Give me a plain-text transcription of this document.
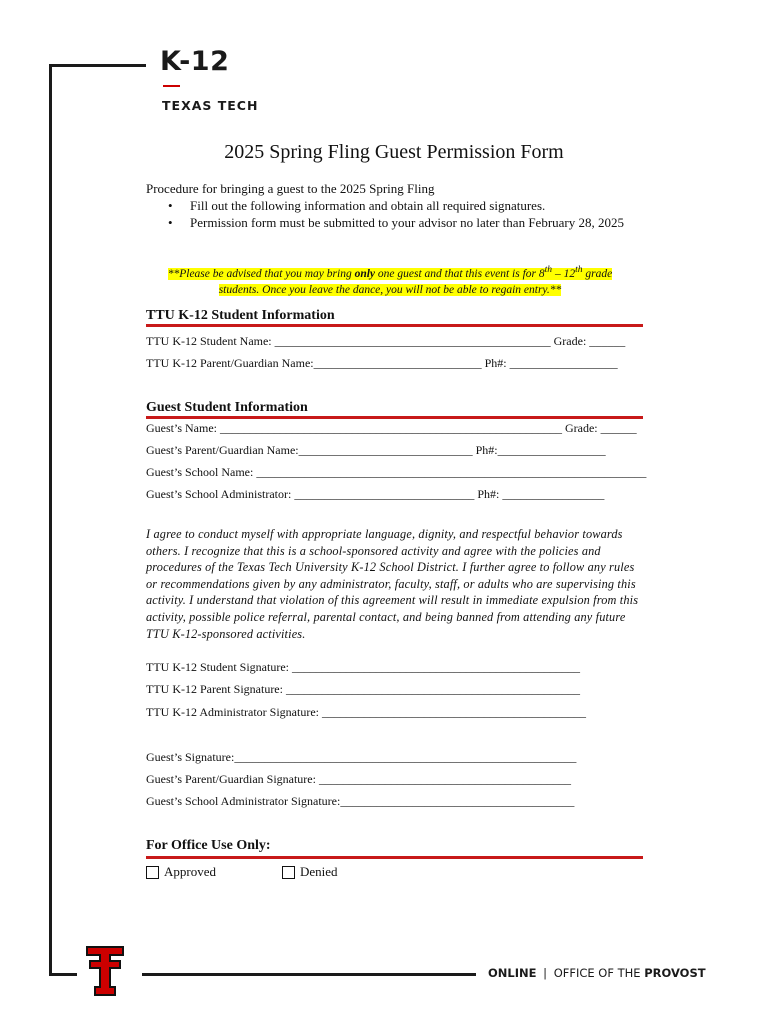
K-12
TEXAS TECH
2025 Spring Fling Guest Permission Form
Procedure for bringing a guest to the 2025 Spring Fling
• Fill out the following information and obtain all required signatures.
• Permission form must be submitted to your advisor no later than February 28, 2025
**Please be advised that you may bring only one guest and that this event is for 8th – 12th grade
students. Once you leave the dance, you will not be able to regain entry.**
TTU K-12 Student Information
TTU K-12 Student Name: ______________________________________________ Grade: ______
TTU K-12 Parent/Guardian Name:____________________________ Ph#: __________________
Guest Student Information
Guest’s Name: _________________________________________________________ Grade: ______
Guest’s Parent/Guardian Name:_____________________________ Ph#:__________________
Guest’s School Name: _________________________________________________________________
Guest’s School Administrator: ______________________________ Ph#: _________________
I agree to conduct myself with appropriate language, dignity, and respectful behavior towards others. I recognize that this is a school-sponsored activity and agree with the policies and procedures of the Texas Tech University K-12 School District. I further agree to follow any rules or recommendations given by any administrator, faculty, staff, or adults who are supervising this activity. I understand that violation of this agreement will result in immediate expulsion from this activity, possible police referral, parental contact, and being banned from attending any future TTU K-12-sponsored activities.
TTU K-12 Student Signature: ________________________________________________
TTU K-12 Parent Signature: _________________________________________________
TTU K-12 Administrator Signature: ____________________________________________
Guest’s Signature:_________________________________________________________
Guest’s Parent/Guardian Signature: __________________________________________
Guest’s School Administrator Signature:_______________________________________
For Office Use Only:
Approved	Denied
ONLINE | OFFICE OF THE PROVOST
